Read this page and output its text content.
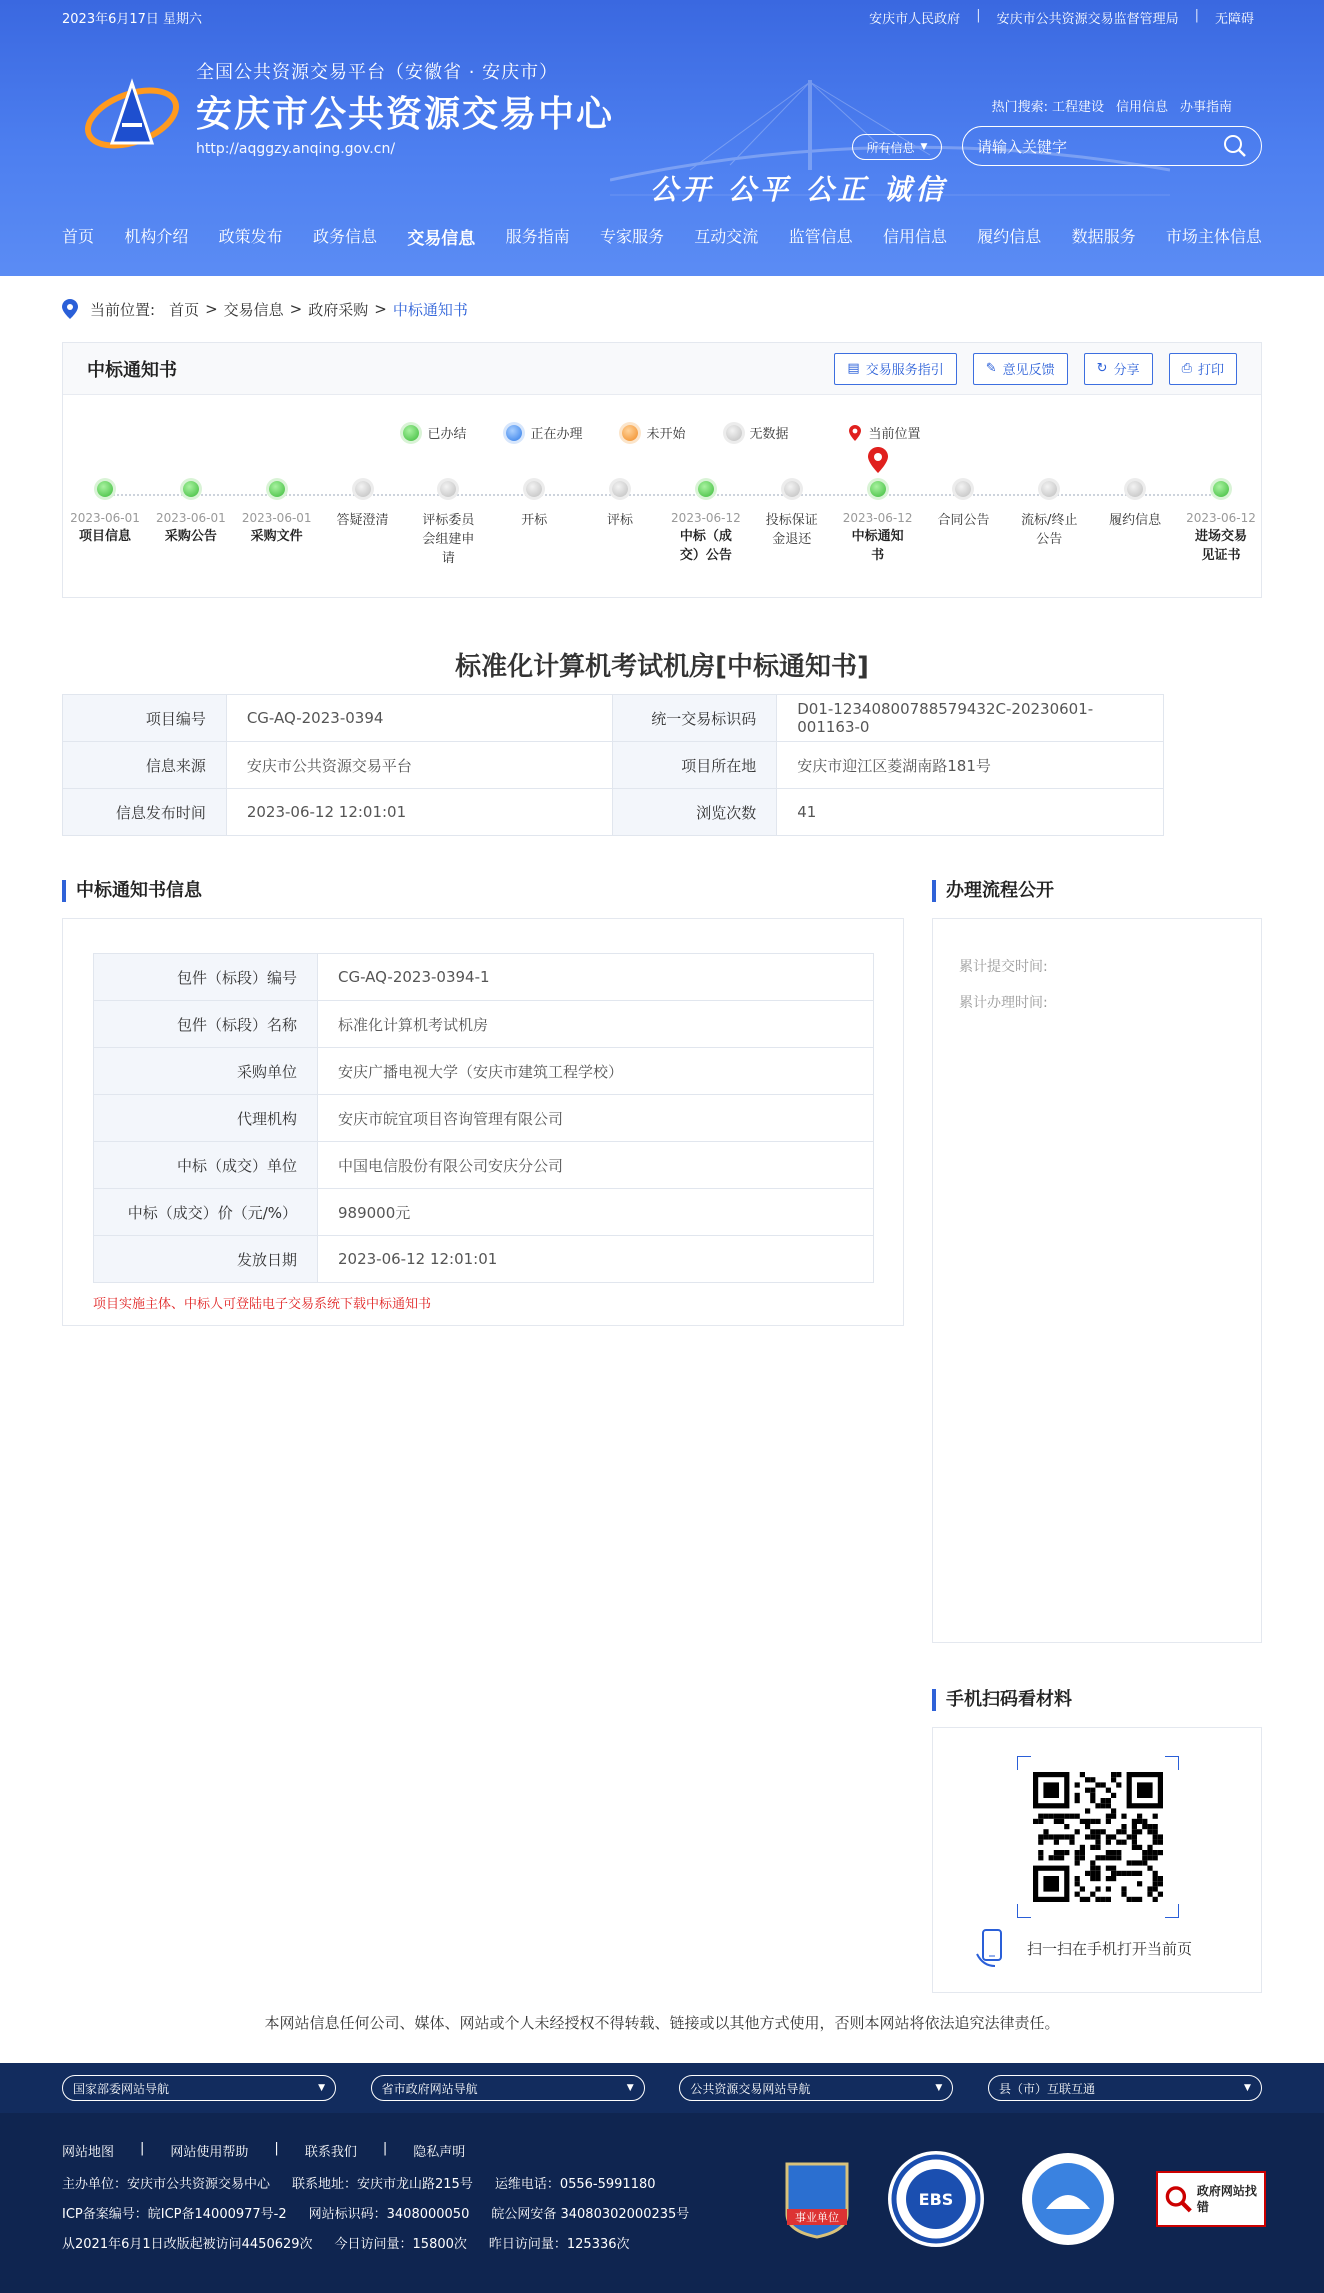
2023年6月17日 星期六	安庆市人民政府	|	安庆市公共资源交易监督管理局	|	无障碍
全国公共资源交易平台（安徽省 · 安庆市）
安庆市公共资源交易中心
http://aqggzy.anqing.gov.cn/
公开 公平 公正 诚信
热门搜索: 工程建设 信用信息 办事指南
所有信息 ▼	请输入关键字
首页 机构介绍 政策发布 政务信息 交易信息 服务指南 专家服务 互动交流 监管信息 信用信息 履约信息 数据服务 市场主体信息
当前位置: 首页 > 交易信息 > 政府采购 > 中标通知书
中标通知书	▤ 交易服务指引	✎ 意见反馈	↻ 分享	⎙ 打印
已办结	正在办理	未开始	无数据	当前位置
2023-06-01
项目信息
2023-06-01
采购公告
2023-06-01
采购文件
答疑澄清	评标委员会组建申请
开标	评标	2023-06-12
中标（成交）公告
投标保证金退还
2023-06-12
中标通知书
合同公告	流标/终止公告
履约信息	2023-06-12
进场交易见证书
标准化计算机考试机房[中标通知书]
项目编号	CG-AQ-2023-0394	统一交易标识码	D01-12340800788579432C-20230601-001163-0
信息来源	安庆市公共资源交易平台	项目所在地	安庆市迎江区菱湖南路181号
信息发布时间	2023-06-12 12:01:01	浏览次数	41
中标通知书信息
包件（标段）编号	CG-AQ-2023-0394-1
包件（标段）名称	标准化计算机考试机房
采购单位	安庆广播电视大学（安庆市建筑工程学校）
代理机构	安庆市皖宜项目咨询管理有限公司
中标（成交）单位	中国电信股份有限公司安庆分公司
中标（成交）价（元/%）	989000元
发放日期	2023-06-12 12:01:01
项目实施主体、中标人可登陆电子交易系统下载中标通知书
办理流程公开
累计提交时间:
累计办理时间:
手机扫码看材料
扫一扫在手机打开当前页
本网站信息任何公司、媒体、网站或个人未经授权不得转载、链接或以其他方式使用，否则本网站将依法追究法律责任。
国家部委网站导航	▼	省市政府网站导航	▼	公共资源交易网站导航	▼	县（市）互联互通	▼
网站地图 | 网站使用帮助 | 联系我们 | 隐私声明
主办单位：安庆市公共资源交易中心 联系地址：安庆市龙山路215号 运维电话：0556-5991180
ICP备案编号：皖ICP备14000977号-2 网站标识码：3408000050 皖公网安备 34080302000235号
从2021年6月1日改版起被访问4450629次 今日访问量：15800次 昨日访问量：125336次
事业单位
EBS	政府网站找错
